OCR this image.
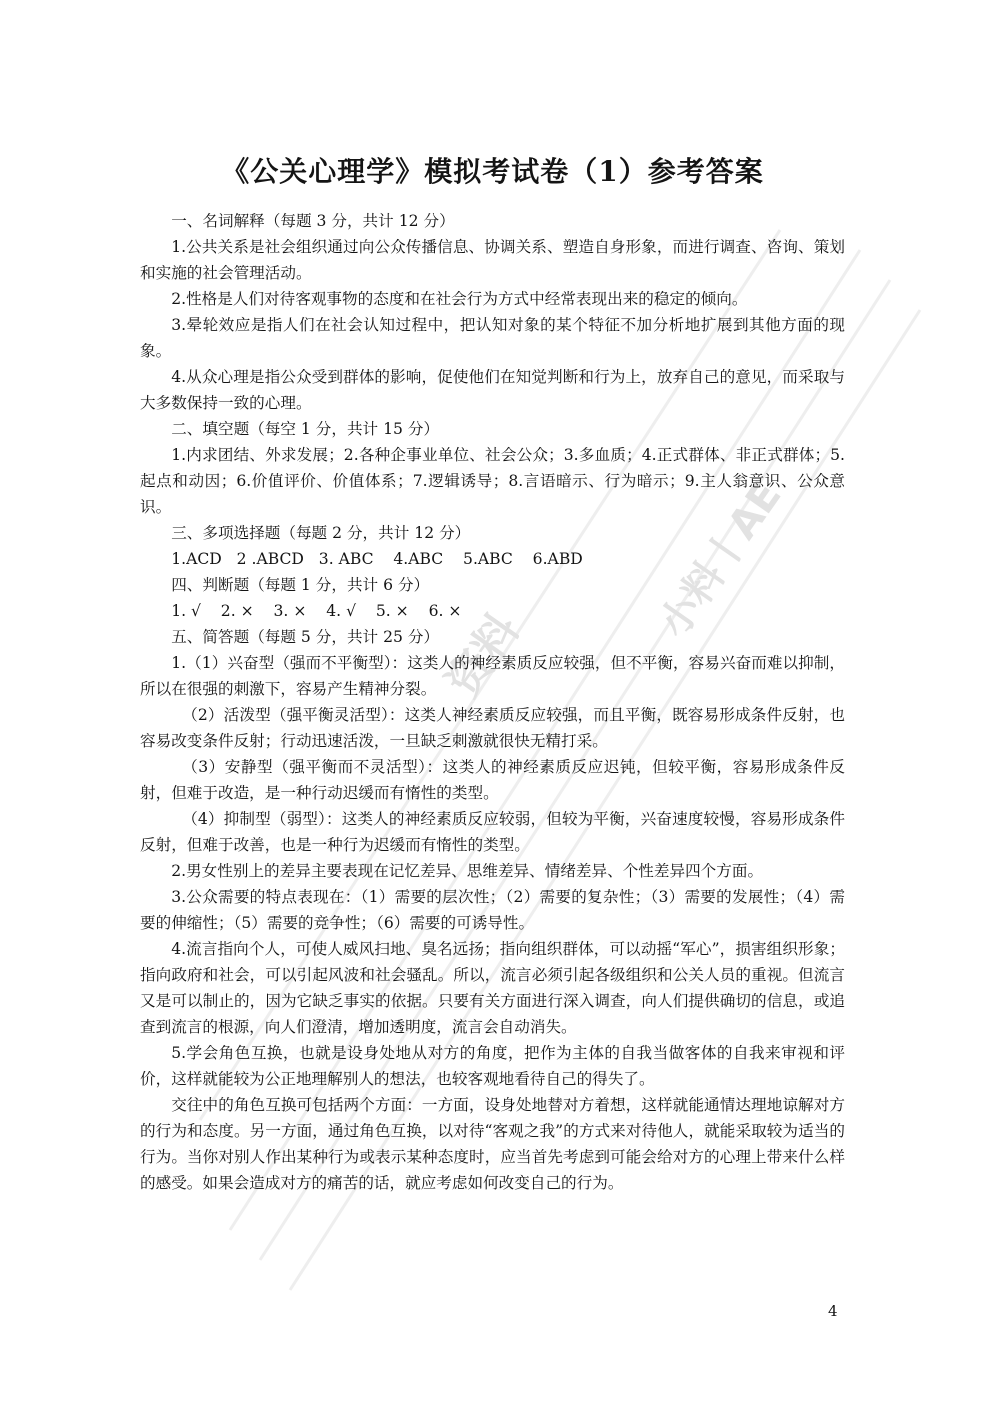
资料
小料丨AE
《公关心理学》模拟考试卷（1）参考答案

一、名词解释（每题 3 分，共计 12 分）

1.公共关系是社会组织通过向公众传播信息、协调关系、塑造自身形象，而进行调查、咨询、策划和实施的社会管理活动。

2.性格是人们对待客观事物的态度和在社会行为方式中经常表现出来的稳定的倾向。

3.晕轮效应是指人们在社会认知过程中，把认知对象的某个特征不加分析地扩展到其他方面的现象。

4.从众心理是指公众受到群体的影响，促使他们在知觉判断和行为上，放弃自己的意见，而采取与大多数保持一致的心理。

二、填空题（每空 1 分，共计 15 分）

1.内求团结、外求发展；2.各种企事业单位、社会公众；3.多血质；4.正式群体、非正式群体；5.起点和动因；6.价值评价、价值体系；7.逻辑诱导；8.言语暗示、行为暗示；9.主人翁意识、公众意识。

三、多项选择题（每题 2 分，共计 12 分）

1.ACD   2 .ABCD   3. ABC    4.ABC    5.ABC    6.ABD

四、判断题（每题 1 分，共计 6 分）

1. √    2. ×    3. ×    4. √    5. ×    6. ×

五、简答题（每题 5 分，共计 25 分）

1.（1）兴奋型（强而不平衡型）：这类人的神经素质反应较强，但不平衡，容易兴奋而难以抑制，所以在很强的刺激下，容易产生精神分裂。

（2）活泼型（强平衡灵活型）：这类人神经素质反应较强，而且平衡，既容易形成条件反射，也容易改变条件反射；行动迅速活泼，一旦缺乏刺激就很快无精打采。

（3）安静型（强平衡而不灵活型）：这类人的神经素质反应迟钝，但较平衡，容易形成条件反射，但难于改造，是一种行动迟缓而有惰性的类型。

（4）抑制型（弱型）：这类人的神经素质反应较弱，但较为平衡，兴奋速度较慢，容易形成条件反射，但难于改善，也是一种行为迟缓而有惰性的类型。

2.男女性别上的差异主要表现在记忆差异、思维差异、情绪差异、个性差异四个方面。

3.公众需要的特点表现在：（1）需要的层次性；（2）需要的复杂性；（3）需要的发展性；（4）需要的伸缩性；（5）需要的竞争性；（6）需要的可诱导性。

4.流言指向个人，可使人威风扫地、臭名远扬；指向组织群体，可以动摇“军心”，损害组织形象；指向政府和社会，可以引起风波和社会骚乱。所以，流言必须引起各级组织和公关人员的重视。但流言又是可以制止的，因为它缺乏事实的依据。只要有关方面进行深入调查，向人们提供确切的信息，或追查到流言的根源，向人们澄清，增加透明度，流言会自动消失。

5.学会角色互换，也就是设身处地从对方的角度，把作为主体的自我当做客体的自我来审视和评价，这样就能较为公正地理解别人的想法，也较客观地看待自己的得失了。

交往中的角色互换可包括两个方面：一方面，设身处地替对方着想，这样就能通情达理地谅解对方的行为和态度。另一方面，通过角色互换，以对待“客观之我”的方式来对待他人，就能采取较为适当的行为。当你对别人作出某种行为或表示某种态度时，应当首先考虑到可能会给对方的心理上带来什么样的感受。如果会造成对方的痛苦的话，就应考虑如何改变自己的行为。

4
